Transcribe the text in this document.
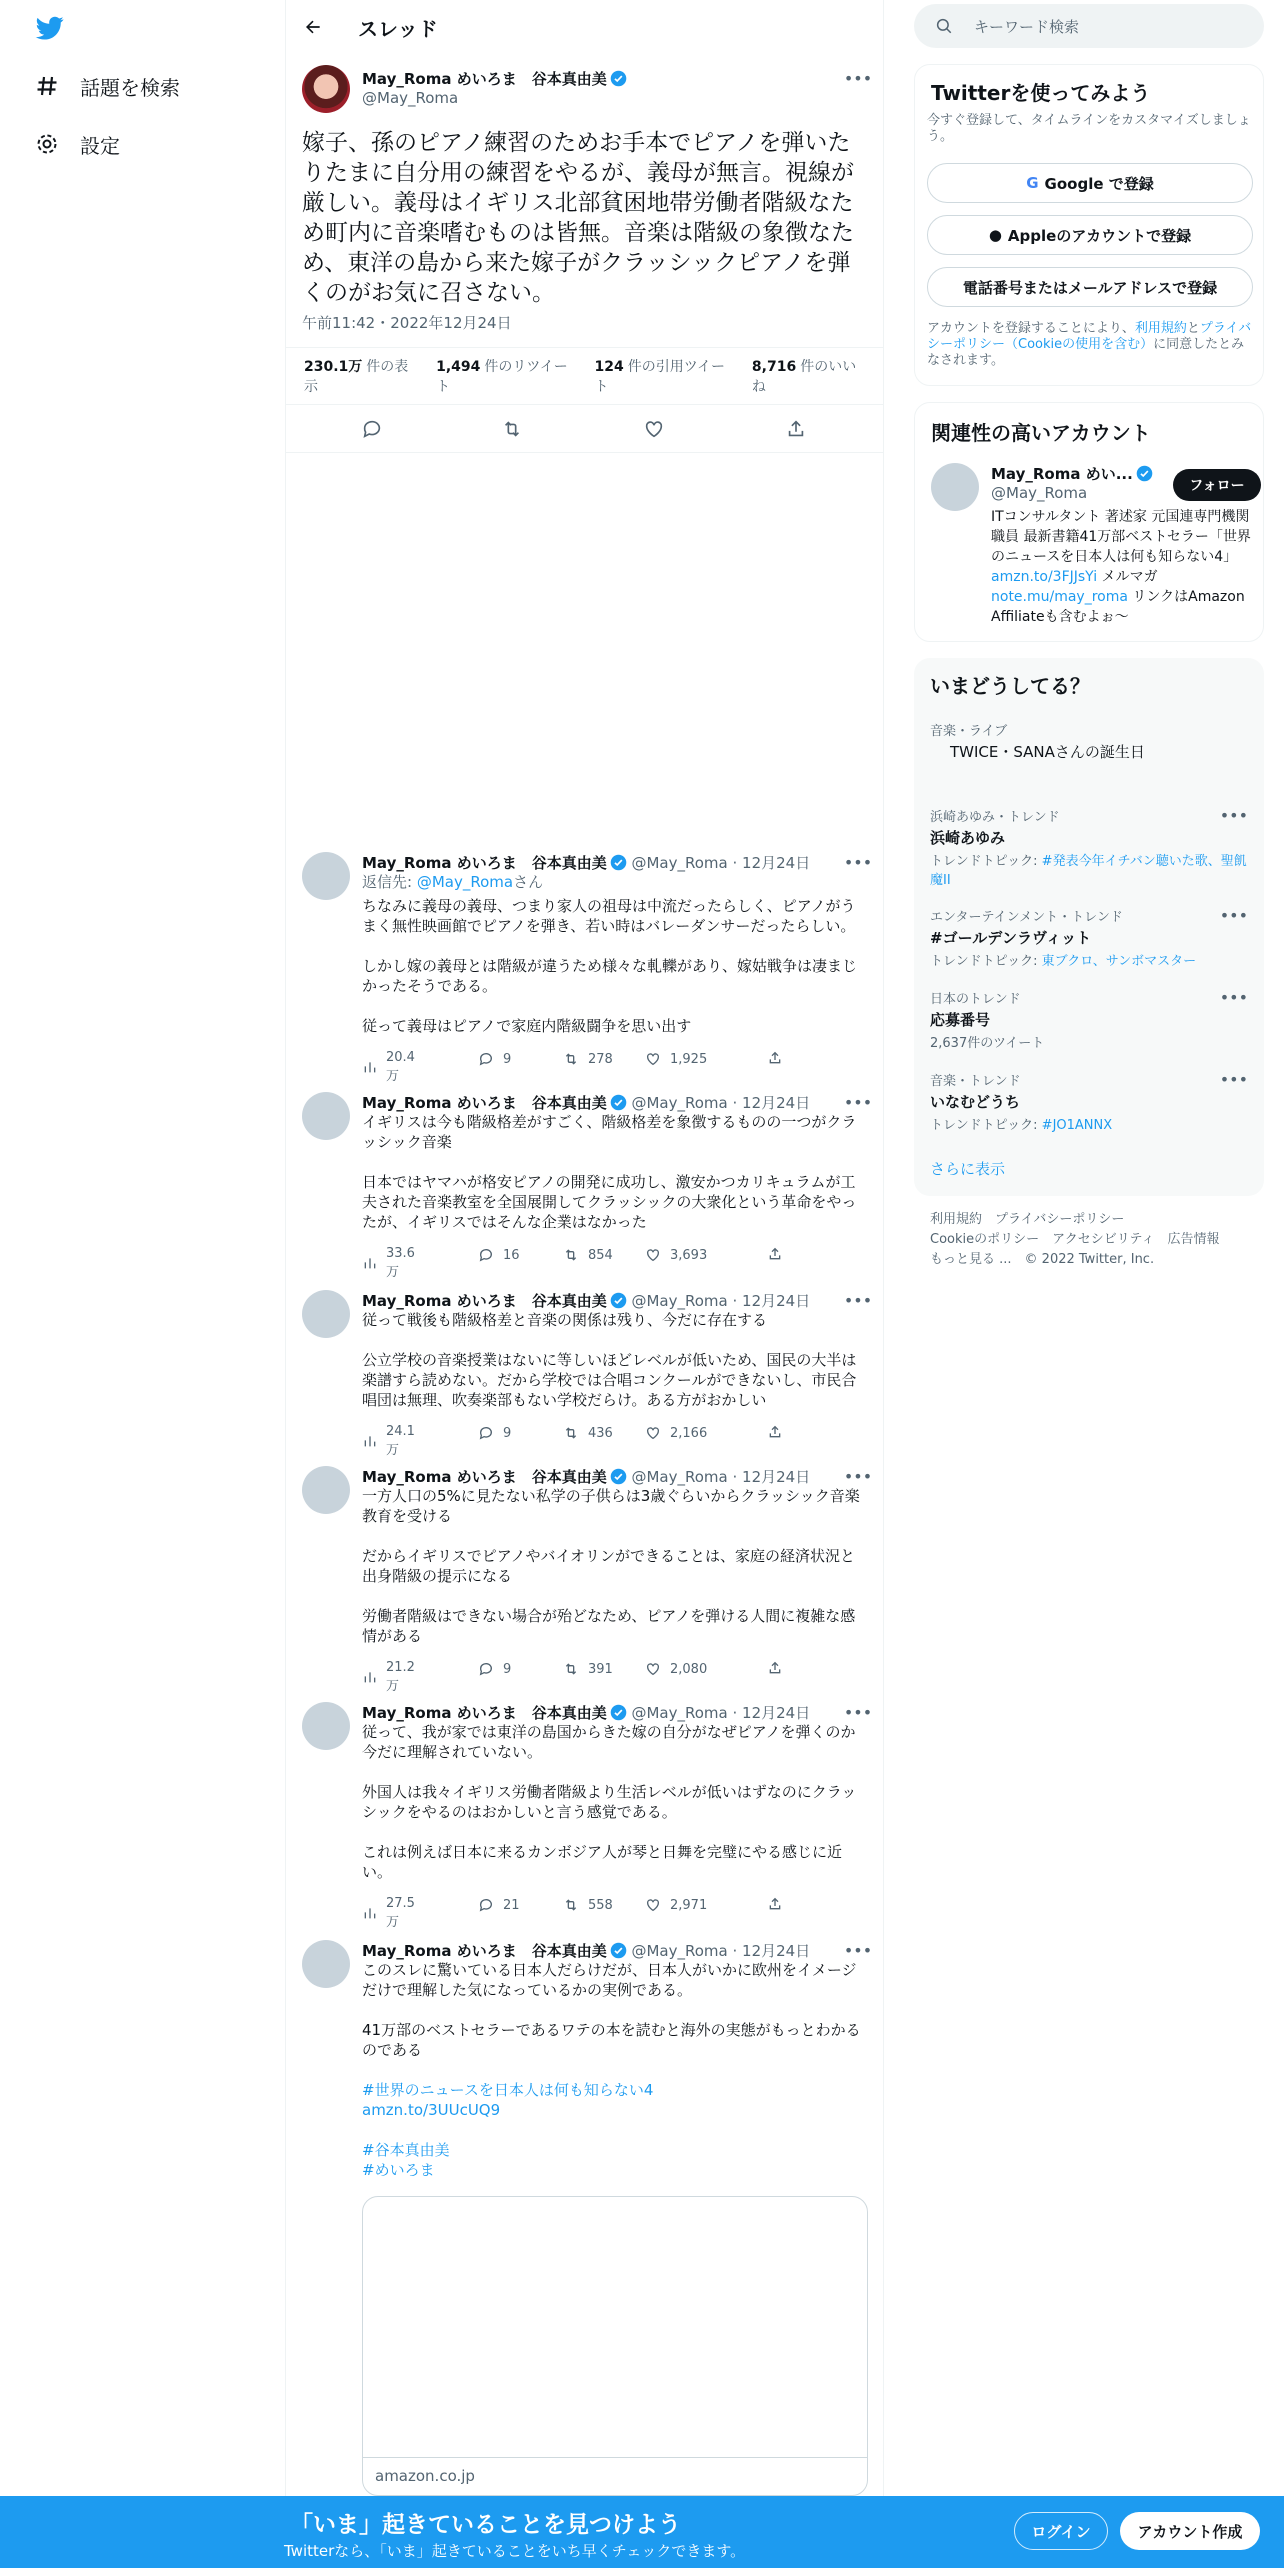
話題を検索
設定
スレッド
May_Roma めいろま　谷本真由美
@May_Roma
•••
嫁子、孫のピアノ練習のためお手本でピアノを弾いたりたまに自分用の練習をやるが、義母が無言。視線が厳しい。義母はイギリス北部貧困地帯労働者階級なため町内に音楽嗜むものは皆無。音楽は階級の象徴なため、東洋の島から来た嫁子がクラッシックピアノを弾くのがお気に召さない。
午前11:42・2022年12月24日
230.1万 件の表示
1,494 件のリツイート
124 件の引用ツイート
8,716 件のいいね
May_Roma めいろま　谷本真由美 @May_Roma · 12月24日 •••
返信先: @May_Romaさん
ちなみに義母の義母、つまり家人の祖母は中流だったらしく、ピアノがうまく無性映画館でピアノを弾き、若い時はバレーダンサーだったらしい。

しかし嫁の義母とは階級が違うため様々な軋轢があり、嫁姑戦争は凄まじかったそうである。

従って義母はピアノで家庭内階級闘争を思い出す
20.4万
9	278	1,925
May_Roma めいろま　谷本真由美 @May_Roma · 12月24日 •••
イギリスは今も階級格差がすごく、階級格差を象徴するものの一つがクラッシック音楽

日本ではヤマハが格安ピアノの開発に成功し、激安かつカリキュラムが工夫された音楽教室を全国展開してクラッシックの大衆化という革命をやったが、イギリスではそんな企業はなかった
33.6万
16	854	3,693
May_Roma めいろま　谷本真由美 @May_Roma · 12月24日 •••
従って戦後も階級格差と音楽の関係は残り、今だに存在する

公立学校の音楽授業はないに等しいほどレベルが低いため、国民の大半は楽譜すら読めない。だから学校では合唱コンクールができないし、市民合唱団は無理、吹奏楽部もない学校だらけ。ある方がおかしい
24.1万
9	436	2,166
May_Roma めいろま　谷本真由美 @May_Roma · 12月24日 •••
一方人口の5%に見たない私学の子供らは3歳ぐらいからクラッシック音楽教育を受ける

だからイギリスでピアノやバイオリンができることは、家庭の経済状況と出身階級の提示になる

労働者階級はできない場合が殆どなため、ピアノを弾ける人間に複雑な感情がある
21.2万
9	391	2,080
May_Roma めいろま　谷本真由美 @May_Roma · 12月24日 •••
従って、我が家では東洋の島国からきた嫁の自分がなぜピアノを弾くのか今だに理解されていない。

外国人は我々イギリス労働者階級より生活レベルが低いはずなのにクラッシックをやるのはおかしいと言う感覚である。

これは例えば日本に来るカンボジア人が琴と日舞を完璧にやる感じに近い。
27.5万
21	558	2,971
May_Roma めいろま　谷本真由美 @May_Roma · 12月24日 •••
このスレに驚いている日本人だらけだが、日本人がいかに欧州をイメージだけで理解した気になっているかの実例である。

41万部のベストセラーであるワテの本を読むと海外の実態がもっとわかるのである
#世界のニュースを日本人は何も知らない4
amzn.to/3UUcUQ9
#谷本真由美
#めいろま
amazon.co.jp
キーワード検索
Twitterを使ってみよう
今すぐ登録して、タイムラインをカスタマイズしましょう。
G Google で登録
● Appleのアカウントで登録
電話番号またはメールアドレスで登録
アカウントを登録することにより、利用規約とプライバシーポリシー（Cookieの使用を含む）に同意したとみなされます。
関連性の高いアカウント
May_Roma めい...
@May_Roma	フォロー
ITコンサルタント 著述家 元国連専門機関職員 最新書籍41万部ベストセラー「世界のニュースを日本人は何も知らない4」amzn.to/3FJJsYi メルマガ note.mu/may_roma リンクはAmazon Affiliateも含むよぉ〜
いまどうしてる？
音楽・ライブ
TWICE・SANAさんの誕生日
浜崎あゆみ・トレンド
浜崎あゆみ
トレンドトピック: #発表今年イチバン聴いた歌、聖飢魔II
•••
エンターテインメント・トレンド
#ゴールデンラヴィット
トレンドトピック: 東ブクロ、サンボマスター
•••
日本のトレンド
応募番号
2,637件のツイート
•••
音楽・トレンド
いなむどうち
トレンドトピック: #JO1ANNX
•••
さらに表示
利用規約　 プライバシーポリシー
Cookieのポリシー　 アクセシビリティ　 広告情報
もっと見る ...　 © 2022 Twitter, Inc.
「いま」起きていることを見つけよう
Twitterなら、「いま」起きていることをいち早くチェックできます。
ログイン	アカウント作成
